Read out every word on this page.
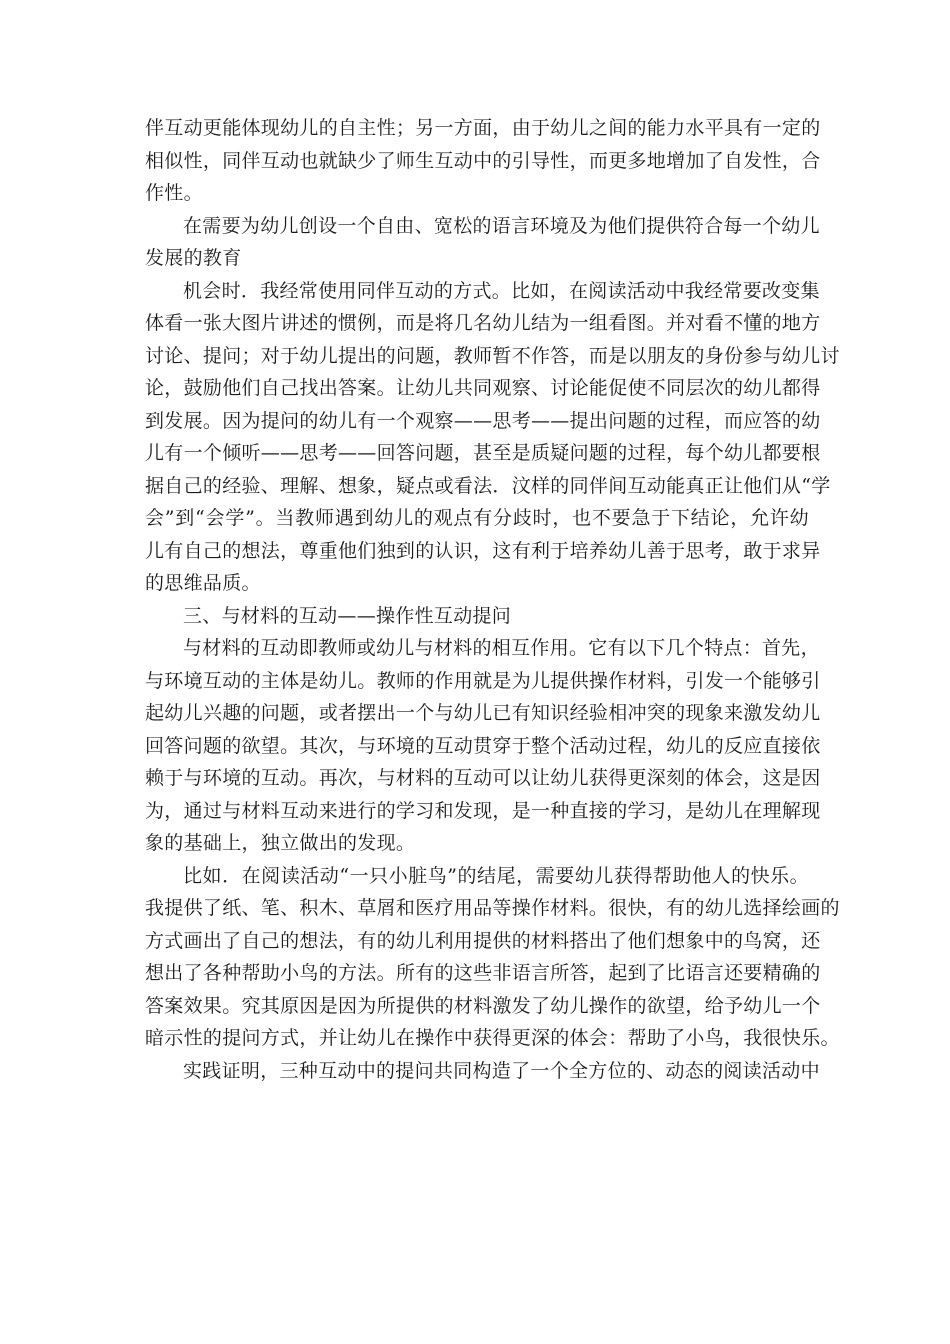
伴互动更能体现幼儿的自主性；另一方面，由于幼儿之间的能力水平具有一定的
相似性，同伴互动也就缺少了师生互动中的引导性，而更多地增加了自发性，合
作性。
在需要为幼儿创设一个自由、宽松的语言环境及为他们提供符合每一个幼儿
发展的教育
机会时．我经常使用同伴互动的方式。比如，在阅读活动中我经常要改变集
体看一张大图片讲述的惯例，而是将几名幼儿结为一组看图。并对看不懂的地方
讨论、提问；对于幼儿提出的问题，教师暂不作答，而是以朋友的身份参与幼儿讨
论，鼓励他们自己找出答案。让幼儿共同观察、讨论能促使不同层次的幼儿都得
到发展。因为提问的幼儿有一个观察——思考——提出问题的过程，而应答的幼
儿有一个倾听——思考——回答问题，甚至是质疑问题的过程，每个幼儿都要根
据自己的经验、理解、想象，疑点或看法．汶样的同伴间互动能真正让他们从“学
会”到“会学”。当教师遇到幼儿的观点有分歧时，也不要急于下结论，允许幼
儿有自己的想法，尊重他们独到的认识，这有利于培养幼儿善于思考，敢于求异
的思维品质。
三、与材料的互动——操作性互动提问
与材料的互动即教师或幼儿与材料的相互作用。它有以下几个特点：首先，
与环境互动的主体是幼儿。教师的作用就是为儿提供操作材料，引发一个能够引
起幼儿兴趣的问题，或者摆出一个与幼儿已有知识经验相冲突的现象来激发幼儿
回答问题的欲望。其次，与环境的互动贯穿于整个活动过程，幼儿的反应直接依
赖于与环境的互动。再次，与材料的互动可以让幼儿获得更深刻的体会，这是因
为，通过与材料互动来进行的学习和发现，是一种直接的学习，是幼儿在理解现
象的基础上，独立做出的发现。
比如．在阅读活动“一只小脏鸟”的结尾，需要幼儿获得帮助他人的快乐。
我提供了纸、笔、积木、草屑和医疗用品等操作材料。很快，有的幼儿选择绘画的
方式画出了自己的想法，有的幼儿利用提供的材料搭出了他们想象中的鸟窝，还
想出了各种帮助小鸟的方法。所有的这些非语言所答，起到了比语言还要精确的
答案效果。究其原因是因为所提供的材料激发了幼儿操作的欲望，给予幼儿一个
暗示性的提问方式，并让幼儿在操作中获得更深的体会：帮助了小鸟，我很快乐。
实践证明，三种互动中的提问共同构造了一个全方位的、动态的阅读活动中
